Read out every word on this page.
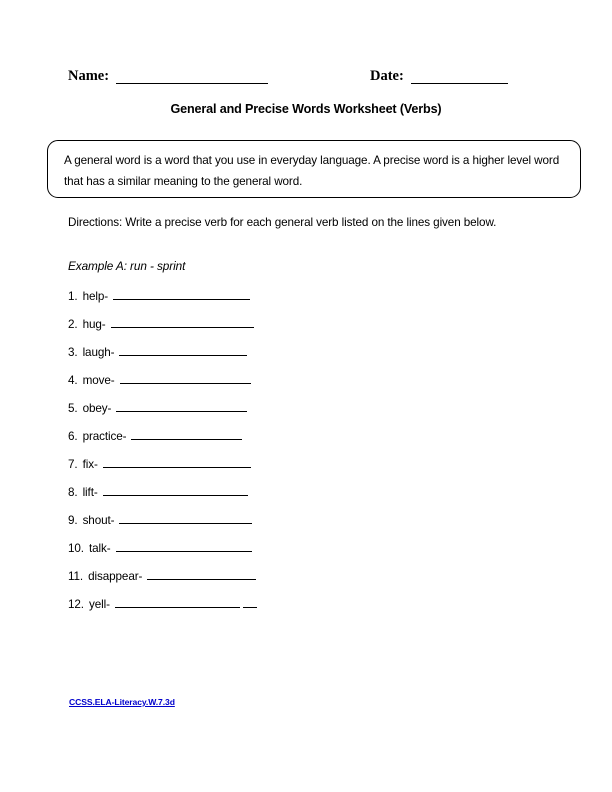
Name:	Date:
General and Precise Words Worksheet (Verbs)
A general word is a word that you use in everyday language. A precise word is a higher level word that has a similar meaning to the general word.
Directions: Write a precise verb for each general verb listed on the lines given below.
Example A: run - sprint
1. help-
2. hug-
3. laugh-
4. move-
5. obey-
6. practice-
7. fix-
8. lift-
9. shout-
10. talk-
11. disappear-
12. yell-
CCSS.ELA-Literacy.W.7.3d
